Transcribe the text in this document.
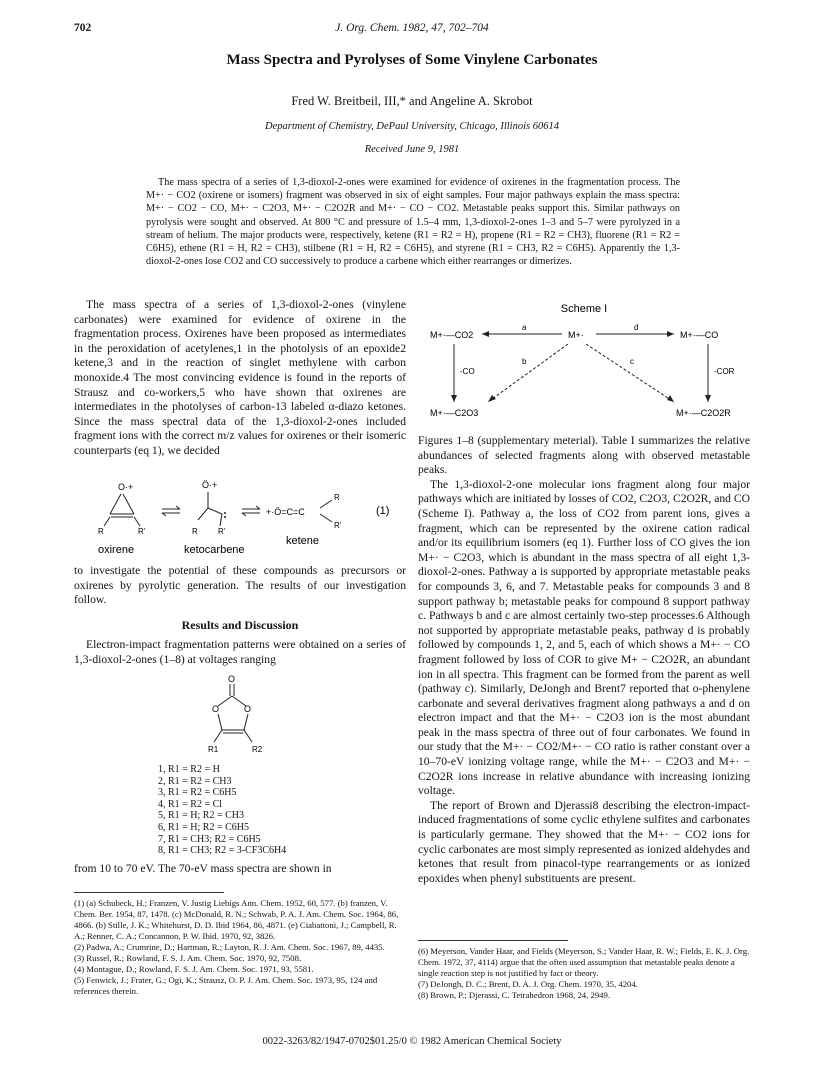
702	J. Org. Chem. 1982, 47, 702–704
Mass Spectra and Pyrolyses of Some Vinylene Carbonates
Fred W. Breitbeil, III,* and Angeline A. Skrobot
Department of Chemistry, DePaul University, Chicago, Illinois 60614
Received June 9, 1981
The mass spectra of a series of 1,3-dioxol-2-ones were examined for evidence of oxirenes in the fragmentation process. The M+· − CO2 (oxirene or isomers) fragment was observed in six of eight samples. Four major pathways explain the mass spectra: M+· − CO2 − CO, M+· − C2O3, M+· − C2O2R and M+· − CO − CO2. Metastable peaks support this. Similar pathways on pyrolysis were sought and observed. At 800 °C and pressure of 1.5–4 mm, 1,3-dioxol-2-ones 1–3 and 5–7 were pyrolyzed in a stream of helium. The major products were, respectively, ketene (R1 = R2 = H), propene (R1 = R2 = CH3), fluorene (R1 = R2 = C6H5), ethene (R1 = H, R2 = CH3), stilbene (R1 = H, R2 = C6H5), and styrene (R1 = CH3, R2 = C6H5). Apparently the 1,3-dioxol-2-ones lose CO2 and CO successively to produce a carbene which either rearranges or dimerizes.

The mass spectra of a series of 1,3-dioxol-2-ones (vinylene carbonates) were examined for evidence of oxirene in the fragmentation process. Oxirenes have been proposed as intermediates in the peroxidation of acetylenes,1 in the photolysis of an epoxide2 ketene,3 and in the reaction of singlet methylene with carbon monoxide.4 The most convincing evidence is found in the reports of Strausz and co-workers,5 who have shown that oxirenes are intermediates in the photolyses of carbon-13 labeled α-diazo ketones. Since the mass spectral data of the 1,3-dioxol-2-ones included fragment ions with the correct m/z values for oxirenes or their isomeric counterparts (eq 1), we decided

O·+
R	R'
Ö·+
R	R'
+·Ö=C=C
R
R'
(1)
oxirene	ketocarbene
ketene

to investigate the potential of these compounds as precursors or oxirenes by pyrolytic generation. The results of our investigation follow.

Results and Discussion

Electron-impact fragmentation patterns were obtained on a series of 1,3-dioxol-2-ones (1–8) at voltages ranging

O
O	O
R1	R2
1, R1 = R2 = H
2, R1 = R2 = CH3
3, R1 = R2 = C6H5
4, R1 = R2 = Cl
5, R1 = H; R2 = CH3
6, R1 = H; R2 = C6H5
7, R1 = CH3; R2 = C6H5
8, R1 = CH3; R2 = 3-CF3C6H4

from 10 to 70 eV. The 70-eV mass spectra are shown in

(1) (a) Schubeck, H.; Franzen, V. Justig Liebigs Ann. Chem. 1952, 60, 577. (b) franzen, V. Chem. Ber. 1954, 87, 1478. (c) McDonald, R. N.; Schwab, P. A. J. Am. Chem. Soc. 1964, 86, 4866. (b) Stille, J. K.; Whitehurst, D. D. Ibid 1964, 86, 4871. (e) Ciabattoni, J.; Campbell, R. A.; Renner, C. A.; Concannon, P. W. Ibid. 1970, 92, 3826.

(2) Padwa, A.; Crumrine, D.; Hartman, R.; Layton, R. J. Am. Chem. Soc. 1967, 89, 4435.

(3) Russel, R.; Rowland, F. S. J. Am. Chem. Soc. 1970, 92, 7508.

(4) Montague, D.; Rowland, F. S. J. Am. Chem. Soc. 1971, 93, 5581.

(5) Fenwick, J.; Frater, G.; Ogi, K.; Strausz, O. P. J. Am. Chem. Soc. 1973, 95, 124 and references therein.

Scheme I
M+·—CO2	M+·	M+·—CO
a	d
-CO	-COR
b	c
M+·—C2O3	M+·—C2O2R

Figures 1–8 (supplementary meterial). Table I summarizes the relative abundances of selected fragments along with observed metastable peaks.

The 1,3-dioxol-2-one molecular ions fragment along four major pathways which are initiated by losses of CO2, C2O3, C2O2R, and CO (Scheme I). Pathway a, the loss of CO2 from parent ions, gives a fragment, which can be represented by the oxirene cation radical and/or its equilibrium isomers (eq 1). Further loss of CO gives the ion M+· − C2O3, which is abundant in the mass spectra of all eight 1,3-dioxol-2-ones. Pathway a is supported by appropriate metastable peaks for compounds 3, 6, and 7. Metastable peaks for compounds 3 and 8 support pathway b; metastable peaks for compound 8 support pathway c. Pathways b and c are almost certainly two-step processes.6 Although not supported by appropriate metastable peaks, pathway d is probably followed by compounds 1, 2, and 5, each of which shows a M+· − CO fragment followed by loss of COR to give M+ − C2O2R, an abundant ion in all spectra. This fragment can be formed from the parent as well (pathway c). Similarly, DeJongh and Brent7 reported that o-phenylene carbonate and several derivatives fragment along pathways a and d on electron impact and that the M+· − C2O3 ion is the most abundant peak in the mass spectra of three out of four carbonates. We found in our study that the M+· − CO2/M+· − CO ratio is rather constant over a 10–70-eV ionizing voltage range, while the M+· − C2O3 and M+· − C2O2R ions increase in relative abundance with increasing ionizing voltage.

The report of Brown and Djerassi8 describing the electron-impact-induced fragmentations of some cyclic ethylene sulfites and carbonates is particularly germane. They showed that the M+· − CO2 ions for cyclic carbonates are most simply represented as ionized aldehydes and ketones that result from pinacol-type rearrangements or as ionized epoxides when phenyl substituents are present.

(6) Meyerson, Vander Haar, and Fields (Meyerson, S.; Vander Haar, R. W.; Fields, E. K. J. Org. Chem. 1972, 37, 4114) argue that the often used assumption that metastable peaks denote a single reaction step is not justified by fact or theory.

(7) DeJongh, D. C.; Brent, D. A. J. Org. Chem. 1970, 35, 4204.

(8) Brown, P.; Djerassi, C. Tetrahedron 1968, 24, 2949.

0022-3263/82/1947-0702$01.25/0 © 1982 American Chemical Society
